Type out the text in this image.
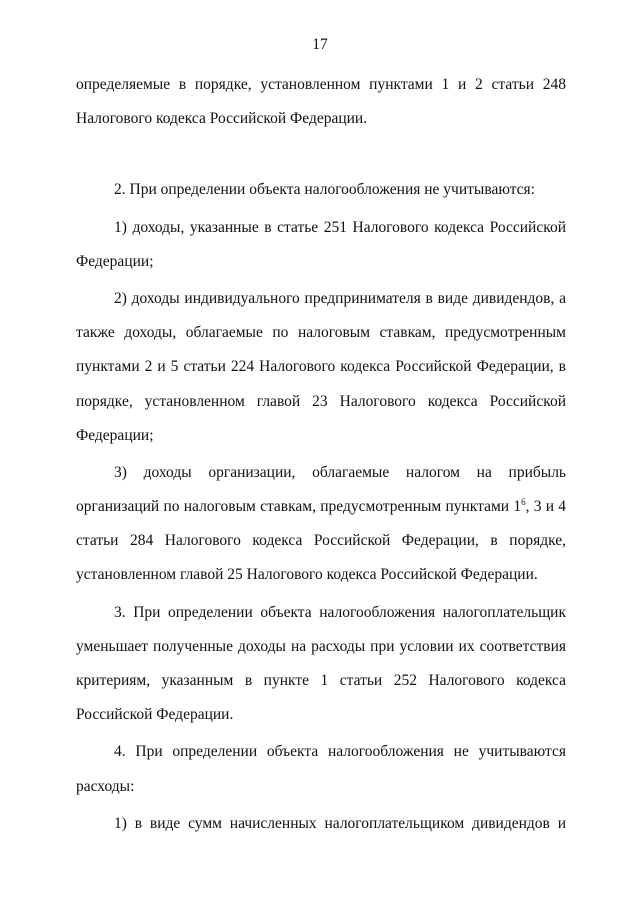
17
определяемые в порядке, установленном пунктами 1 и 2 статьи 248
Налогового кодекса Российской Федерации.
2. При определении объекта налогообложения не учитываются:
1) доходы, указанные в статье 251 Налогового кодекса Российской
Федерации;
2) доходы индивидуального предпринимателя в виде дивидендов, а
также доходы, облагаемые по налоговым ставкам, предусмотренным
пунктами 2 и 5 статьи 224 Налогового кодекса Российской Федерации, в
порядке, установленном главой 23 Налогового кодекса Российской
Федерации;
3) доходы организации, облагаемые налогом на прибыль
организаций по налоговым ставкам, предусмотренным пунктами $1^6$, 3 и 4
статьи 284 Налогового кодекса Российской Федерации, в порядке,
установленном главой 25 Налогового кодекса Российской Федерации.
3. При определении объекта налогообложения налогоплательщик
уменьшает полученные доходы на расходы при условии их соответствия
критериям, указанным в пункте 1 статьи 252 Налогового кодекса
Российской Федерации.
4. При определении объекта налогообложения не учитываются
расходы:
1) в виде сумм начисленных налогоплательщиком дивидендов и
